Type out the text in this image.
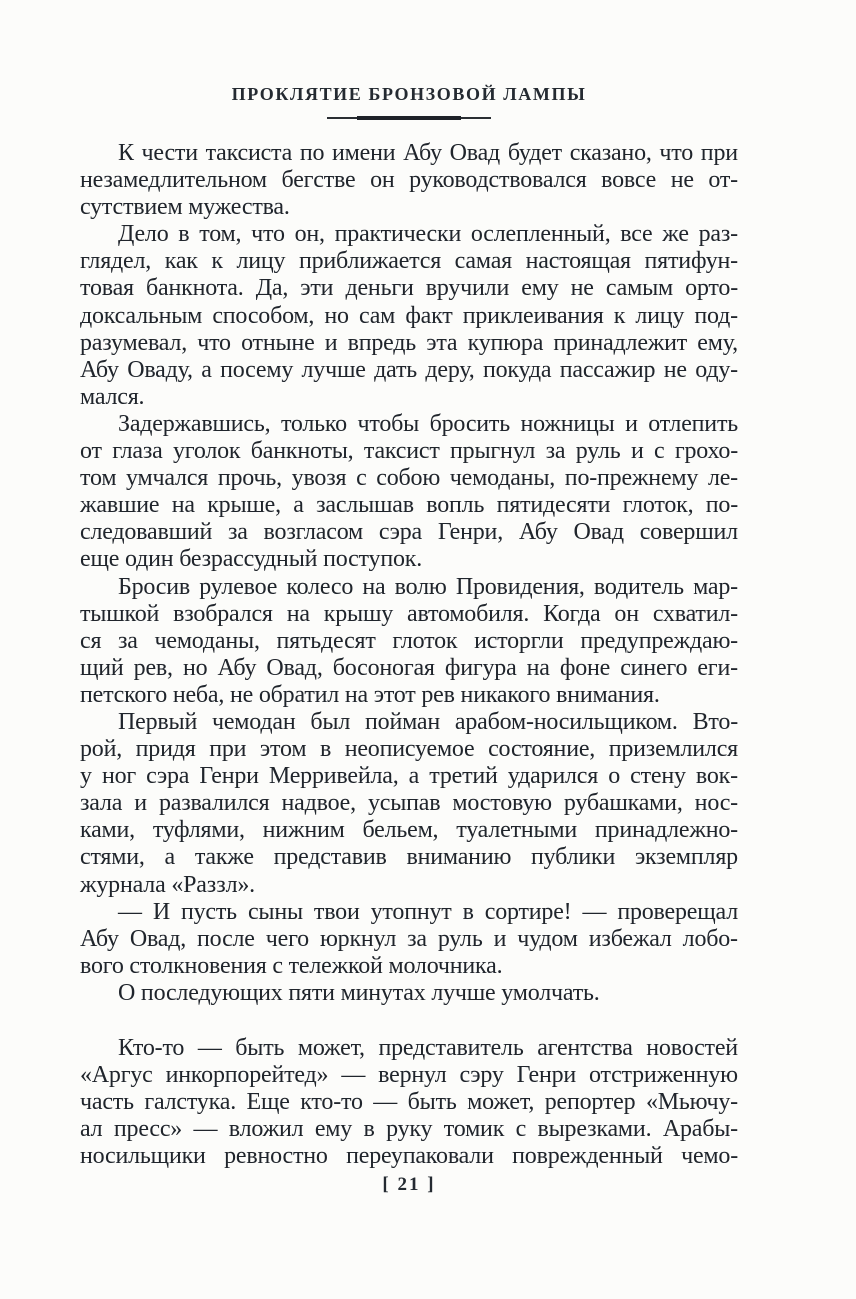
ПРОКЛЯТИЕ БРОНЗОВОЙ ЛАМПЫ
К чести таксиста по имени Абу Овад будет сказано, что при
незамедлительном бегстве он руководствовался вовсе не от-
сутствием мужества.
Дело в том, что он, практически ослепленный, все же раз-
глядел, как к лицу приближается самая настоящая пятифун-
товая банкнота. Да, эти деньги вручили ему не самым орто-
доксальным способом, но сам факт приклеивания к лицу под-
разумевал, что отныне и впредь эта купюра принадлежит ему,
Абу Оваду, а посему лучше дать деру, покуда пассажир не оду-
мался.
Задержавшись, только чтобы бросить ножницы и отлепить
от глаза уголок банкноты, таксист прыгнул за руль и с грохо-
том умчался прочь, увозя с собою чемоданы, по-прежнему ле-
жавшие на крыше, а заслышав вопль пятидесяти глоток, по-
следовавший за возгласом сэра Генри, Абу Овад совершил
еще один безрассудный поступок.
Бросив рулевое колесо на волю Провидения, водитель мар-
тышкой взобрался на крышу автомобиля. Когда он схватил-
ся за чемоданы, пятьдесят глоток исторгли предупреждаю-
щий рев, но Абу Овад, босоногая фигура на фоне синего еги-
петского неба, не обратил на этот рев никакого внимания.
Первый чемодан был пойман арабом-носильщиком. Вто-
рой, придя при этом в неописуемое состояние, приземлился
у ног сэра Генри Мерривейла, а третий ударился о стену вок-
зала и развалился надвое, усыпав мостовую рубашками, нос-
ками, туфлями, нижним бельем, туалетными принадлежно-
стями, а также представив вниманию публики экземпляр
журнала «Раззл».
— И пусть сыны твои утопнут в сортире! — проверещал
Абу Овад, после чего юркнул за руль и чудом избежал лобо-
вого столкновения с тележкой молочника.
О последующих пяти минутах лучше умолчать.
Кто-то — быть может, представитель агентства новостей
«Аргус инкорпорейтед» — вернул сэру Генри отстриженную
часть галстука. Еще кто-то — быть может, репортер «Мьючу-
ал пресс» — вложил ему в руку томик с вырезками. Арабы-
носильщики ревностно переупаковали поврежденный чемо-
[ 21 ]
